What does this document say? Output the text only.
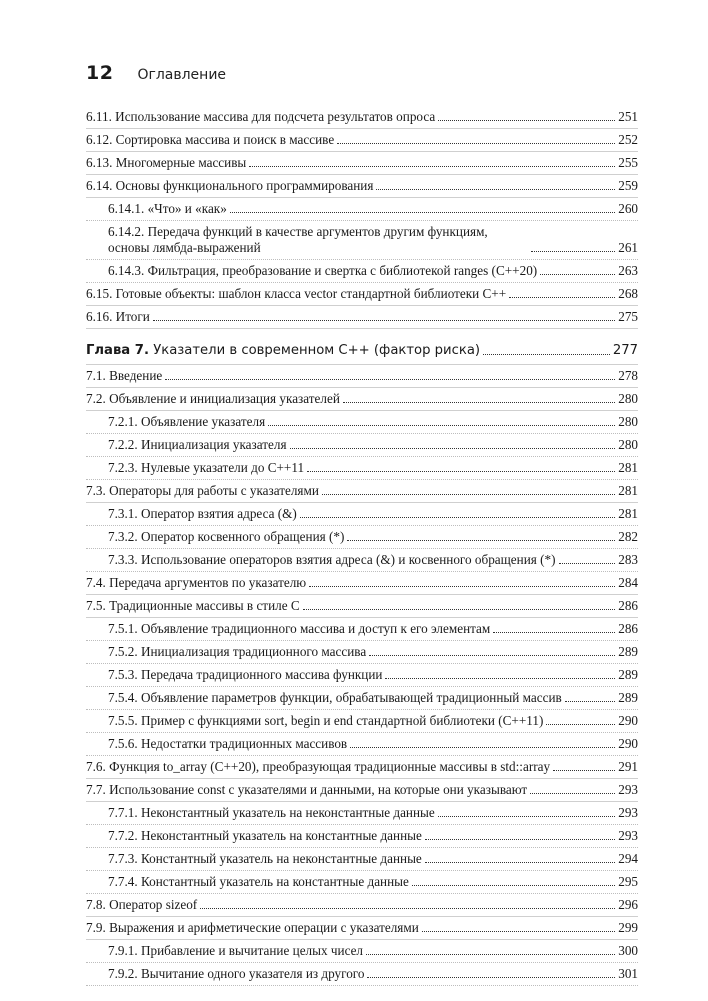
12 Оглавление
6.11. Использование массива для подсчета результатов опроса	251
6.12. Сортировка массива и поиск в массиве	252
6.13. Многомерные массивы	255
6.14. Основы функционального программирования	259
6.14.1. «Что» и «как»	260
6.14.2. Передача функций в качестве аргументов другим функциям, основы лямбда-выражений	261
6.14.3. Фильтрация, преобразование и свертка с библиотекой ranges (C++20)	263
6.15. Готовые объекты: шаблон класса vector стандартной библиотеки C++	268
6.16. Итоги	275
Глава 7. Указатели в современном C++ (фактор риска)	277
7.1. Введение	278
7.2. Объявление и инициализация указателей	280
7.2.1. Объявление указателя	280
7.2.2. Инициализация указателя	280
7.2.3. Нулевые указатели до C++11	281
7.3. Операторы для работы с указателями	281
7.3.1. Оператор взятия адреса (&)	281
7.3.2. Оператор косвенного обращения (*)	282
7.3.3. Использование операторов взятия адреса (&) и косвенного обращения (*)	283
7.4. Передача аргументов по указателю	284
7.5. Традиционные массивы в стиле C	286
7.5.1. Объявление традиционного массива и доступ к его элементам	286
7.5.2. Инициализация традиционного массива	289
7.5.3. Передача традиционного массива функции	289
7.5.4. Объявление параметров функции, обрабатывающей традиционный массив	289
7.5.5. Пример с функциями sort, begin и end стандартной библиотеки (C++11)	290
7.5.6. Недостатки традиционных массивов	290
7.6. Функция to_array (C++20), преобразующая традиционные массивы в std::array	291
7.7. Использование const с указателями и данными, на которые они указывают	293
7.7.1. Неконстантный указатель на неконстантные данные	293
7.7.2. Неконстантный указатель на константные данные	293
7.7.3. Константный указатель на неконстантные данные	294
7.7.4. Константный указатель на константные данные	295
7.8. Оператор sizeof	296
7.9. Выражения и арифметические операции с указателями	299
7.9.1. Прибавление и вычитание целых чисел	300
7.9.2. Вычитание одного указателя из другого	301
